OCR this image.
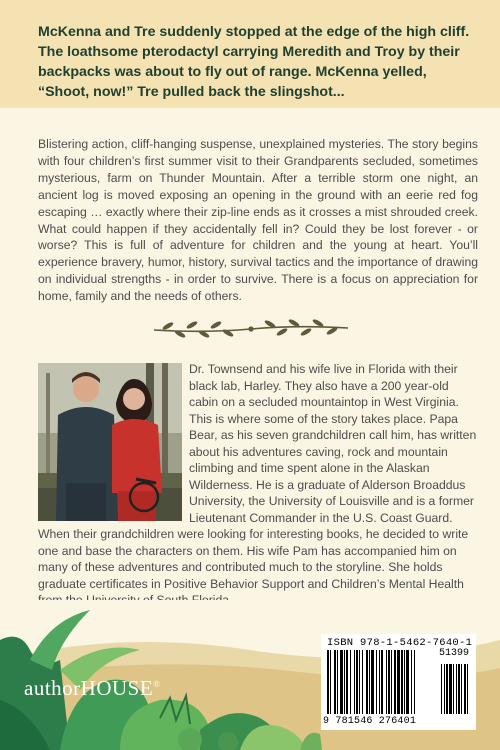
McKenna and Tre suddenly stopped at the edge of the high cliff. The loathsome pterodactyl carrying Meredith and Troy by their backpacks was about to fly out of range. McKenna yelled, “Shoot, now!” Tre pulled back the slingshot...

Blistering action, cliff-hanging suspense, unexplained mysteries. The story begins with four children’s first summer visit to their Grandparents secluded, sometimes mysterious, farm on Thunder Mountain. After a terrible storm one night, an ancient log is moved exposing an opening in the ground with an eerie red fog escaping … exactly where their zip-line ends as it crosses a mist shrouded creek. What could happen if they accidentally fell in? Could they be lost forever - or worse? This is full of adventure for children and the young at heart. You’ll experience bravery, humor, history, survival tactics and the importance of drawing on individual strengths - in order to survive. There is a focus on appreciation for home, family and the needs of others.

Dr. Townsend and his wife live in Florida with their black lab, Harley. They also have a 200 year-old cabin on a secluded mountaintop in West Virginia. This is where some of the story takes place. Papa Bear, as his seven grandchildren call him, has written about his adventures caving, rock and mountain climbing and time spent alone in the Alaskan Wilderness. He is a graduate of Alderson Broaddus University, the University of Louisville and is a former Lieutenant Commander in the U.S. Coast Guard.

When their grandchildren were looking for interesting books, he decided to write one and base the characters on them. His wife Pam has accompanied him on many of these adventures and contributed much to the storyline. She holds graduate certificates in Positive Behavior Support and Children’s Mental Health

authorHOUSE®
ISBN 978-1-5462-7640-1
51399
9 781546 276401
